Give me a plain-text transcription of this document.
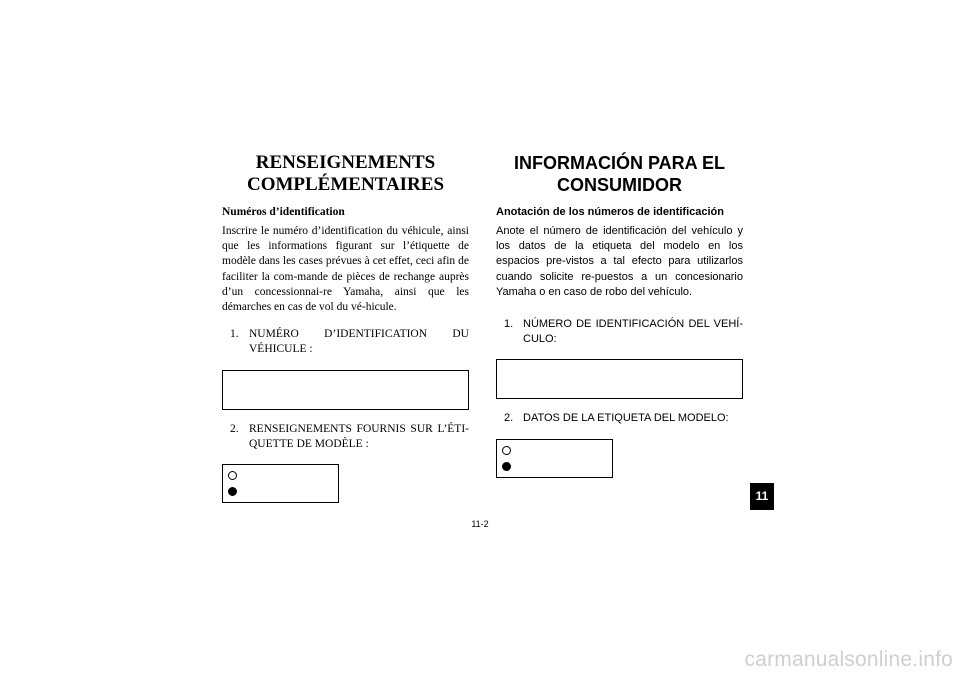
RENSEIGNEMENTS
COMPLÉMENTAIRES
Numéros d’identification

Inscrire le numéro d’identification du véhicule, ainsi que les informations figurant sur l’étiquette de modèle dans les cases prévues à cet effet, ceci afin de faciliter la com-mande de pièces de rechange auprès d’un concessionnai-re Yamaha, ainsi que les démarches en cas de vol du vé-hicule.

1. NUMÉRO D’IDENTIFICATION DU
VÉHICULE :
2. RENSEIGNEMENTS FOURNIS SUR L’ÉTI-
QUETTE DE MODÈLE :
INFORMACIÓN PARA EL
CONSUMIDOR
Anotación de los números de identificación

Anote el número de identificación del vehículo y los datos de la etiqueta del modelo en los espacios pre-vistos a tal efecto para utilizarlos cuando solicite re-puestos a un concesionario Yamaha o en caso de robo del vehículo.

1. NÚMERO DE IDENTIFICACIÓN DEL VEHÍ-
CULO:
2. DATOS DE LA ETIQUETA DEL MODELO:
11-2
11
carmanualsonline.info
